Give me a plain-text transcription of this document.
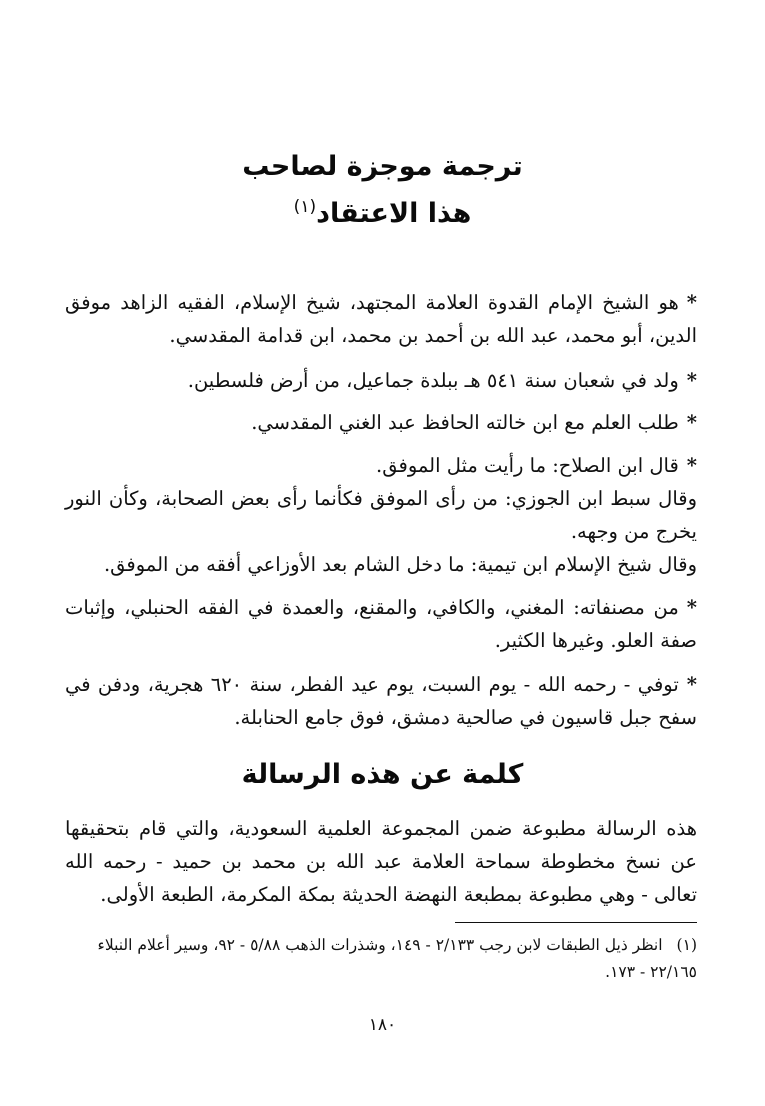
ترجمة موجزة لصاحب
هذا الاعتقاد$^{(١)}$

*هو الشيخ الإمام القدوة العلامة المجتهد، شيخ الإسلام، الفقيه الزاهد موفق الدين، أبو محمد، عبد الله بن أحمد بن محمد، ابن قدامة المقدسي.

*ولد في شعبان سنة ٥٤١ هـ ببلدة جماعيل، من أرض فلسطين.

*طلب العلم مع ابن خالته الحافظ عبد الغني المقدسي.

*قال ابن الصلاح: ما رأيت مثل الموفق.

وقال سبط ابن الجوزي: من رأى الموفق فكأنما رأى بعض الصحابة، وكأن النور يخرج من وجهه.

وقال شيخ الإسلام ابن تيمية: ما دخل الشام بعد الأوزاعي أفقه من الموفق.

*من مصنفاته: المغني، والكافي، والمقنع، والعمدة في الفقه الحنبلي، وإثبات صفة العلو. وغيرها الكثير.

*توفي - رحمه الله - يوم السبت، يوم عيد الفطر، سنة ٦٢٠ هجرية، ودفن في سفح جبل قاسيون في صالحية دمشق، فوق جامع الحنابلة.

كلمة عن هذه الرسالة

هذه الرسالة مطبوعة ضمن المجموعة العلمية السعودية، والتي قام بتحقيقها عن نسخ مخطوطة سماحة العلامة عبد الله بن محمد بن حميد - رحمه الله تعالى - وهي مطبوعة بمطبعة النهضة الحديثة بمكة المكرمة، الطبعة الأولى.

(١)انظر ذيل الطبقات لابن رجب ٢/١٣٣ - ١٤٩، وشذرات الذهب ٥/٨٨ - ٩٢، وسير أعلام النبلاء ٢٢/١٦٥ - ١٧٣.

١٨٠
